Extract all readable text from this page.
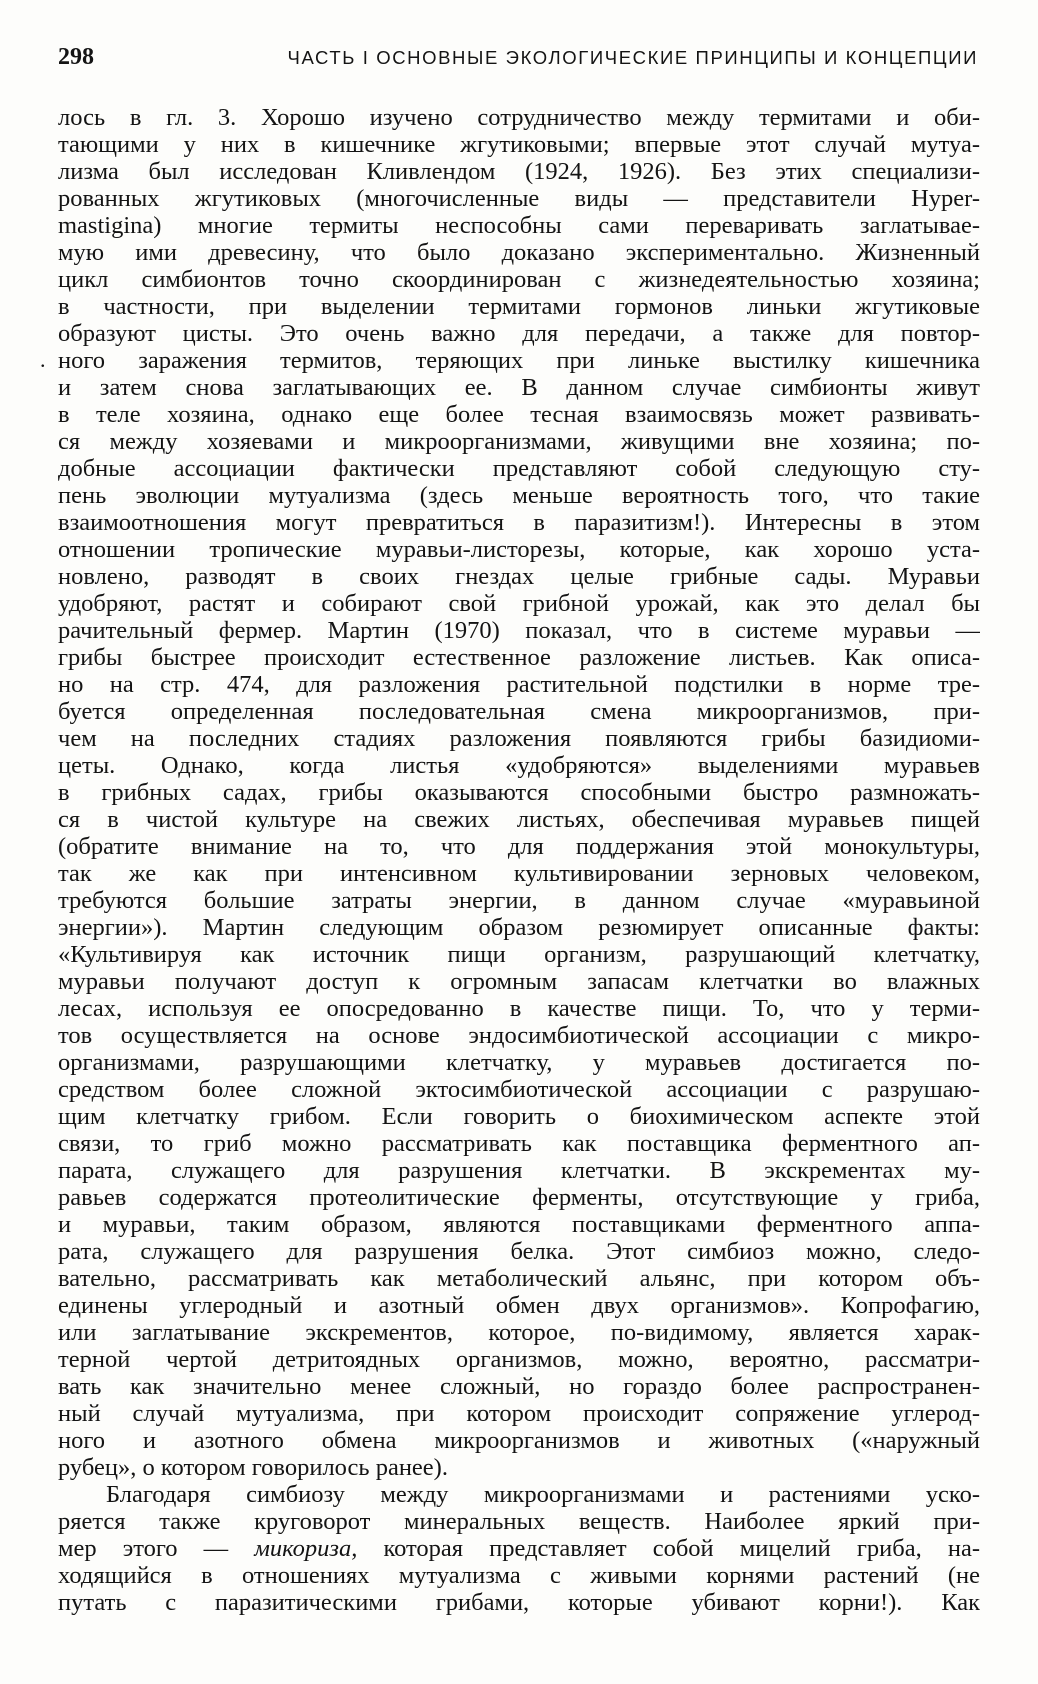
298	ЧАСТЬ I ОСНОВНЫЕ ЭКОЛОГИЧЕСКИЕ ПРИНЦИПЫ И КОНЦЕПЦИИ
.
лось в гл. 3. Хорошо изучено сотрудничество между термитами и оби-
тающими у них в кишечнике жгутиковыми; впервые этот случай мутуа-
лизма был исследован Кливлендом (1924, 1926). Без этих специализи-
рованных жгутиковых (многочисленные виды — представители Hyper-
mastigina) многие термиты неспособны сами переваривать заглатывае-
мую ими древесину, что было доказано экспериментально. Жизненный
цикл симбионтов точно скоординирован с жизнедеятельностью хозяина;
в частности, при выделении термитами гормонов линьки жгутиковые
образуют цисты. Это очень важно для передачи, а также для повтор-
ного заражения термитов, теряющих при линьке выстилку кишечника
и затем снова заглатывающих ее. В данном случае симбионты живут
в теле хозяина, однако еще более тесная взаимосвязь может развивать-
ся между хозяевами и микроорганизмами, живущими вне хозяина; по-
добные ассоциации фактически представляют собой следующую сту-
пень эволюции мутуализма (здесь меньше вероятность того, что такие
взаимоотношения могут превратиться в паразитизм!). Интересны в этом
отношении тропические муравьи-листорезы, которые, как хорошо уста-
новлено, разводят в своих гнездах целые грибные сады. Муравьи
удобряют, растят и собирают свой грибной урожай, как это делал бы
рачительный фермер. Мартин (1970) показал, что в системе муравьи —
грибы быстрее происходит естественное разложение листьев. Как описа-
но на стр. 474, для разложения растительной подстилки в норме тре-
буется определенная последовательная смена микроорганизмов, при-
чем на последних стадиях разложения появляются грибы базидиоми-
цеты. Однако, когда листья «удобряются» выделениями муравьев
в грибных садах, грибы оказываются способными быстро размножать-
ся в чистой культуре на свежих листьях, обеспечивая муравьев пищей
(обратите внимание на то, что для поддержания этой монокультуры,
так же как при интенсивном культивировании зерновых человеком,
требуются большие затраты энергии, в данном случае «муравьиной
энергии»). Мартин следующим образом резюмирует описанные факты:
«Культивируя как источник пищи организм, разрушающий клетчатку,
муравьи получают доступ к огромным запасам клетчатки во влажных
лесах, используя ее опосредованно в качестве пищи. То, что у терми-
тов осуществляется на основе эндосимбиотической ассоциации с микро-
организмами, разрушающими клетчатку, у муравьев достигается по-
средством более сложной эктосимбиотической ассоциации с разрушаю-
щим клетчатку грибом. Если говорить о биохимическом аспекте этой
связи, то гриб можно рассматривать как поставщика ферментного ап-
парата, служащего для разрушения клетчатки. В экскрементах му-
равьев содержатся протеолитические ферменты, отсутствующие у гриба,
и муравьи, таким образом, являются поставщиками ферментного аппа-
рата, служащего для разрушения белка. Этот симбиоз можно, следо-
вательно, рассматривать как метаболический альянс, при котором объ-
единены углеродный и азотный обмен двух организмов». Копрофагию,
или заглатывание экскрементов, которое, по-видимому, является харак-
терной чертой детритоядных организмов, можно, вероятно, рассматри-
вать как значительно менее сложный, но гораздо более распространен-
ный случай мутуализма, при котором происходит сопряжение углерод-
ного и азотного обмена микроорганизмов и животных («наружный
рубец», о котором говорилось ранее).
Благодаря симбиозу между микроорганизмами и растениями уско-
ряется также круговорот минеральных веществ. Наиболее яркий при-
мер этого — микориза, которая представляет собой мицелий гриба, на-
ходящийся в отношениях мутуализма с живыми корнями растений (не
путать с паразитическими грибами, которые убивают корни!). Как
